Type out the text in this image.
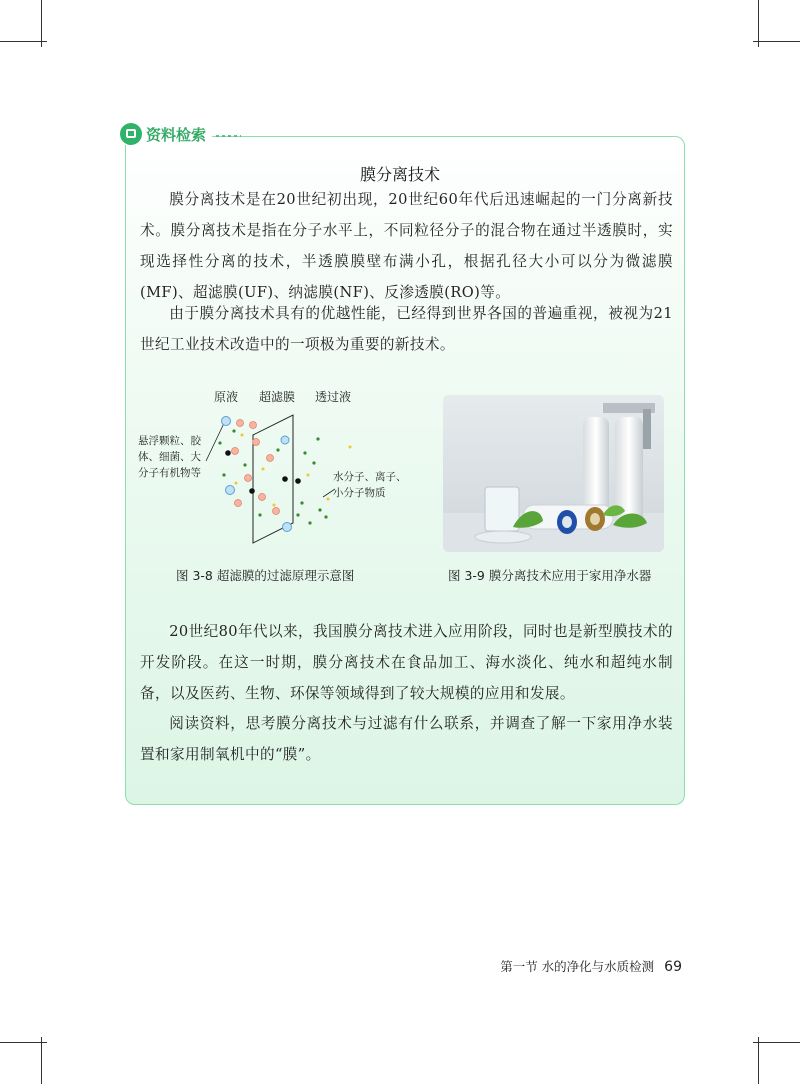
资料检索
膜分离技术

膜分离技术是在20世纪初出现，20世纪60年代后迅速崛起的一门分离新技术。膜分离技术是指在分子水平上，不同粒径分子的混合物在通过半透膜时，实现选择性分离的技术，半透膜膜壁布满小孔，根据孔径大小可以分为微滤膜(MF)、超滤膜(UF)、纳滤膜(NF)、反渗透膜(RO)等。

由于膜分离技术具有的优越性能，已经得到世界各国的普遍重视，被视为21世纪工业技术改造中的一项极为重要的新技术。

原液 超滤膜 透过液
悬浮颗粒、胶
体、细菌、大
分子有机物等	水分子、离子、
小分子物质
图 3-8 超滤膜的过滤原理示意图	图 3-9 膜分离技术应用于家用净水器

20世纪80年代以来，我国膜分离技术进入应用阶段，同时也是新型膜技术的开发阶段。在这一时期，膜分离技术在食品加工、海水淡化、纯水和超纯水制备，以及医药、生物、环保等领域得到了较大规模的应用和发展。

阅读资料，思考膜分离技术与过滤有什么联系，并调查了解一下家用净水装置和家用制氧机中的“膜”。

第一节 水的净化与水质检测 69
